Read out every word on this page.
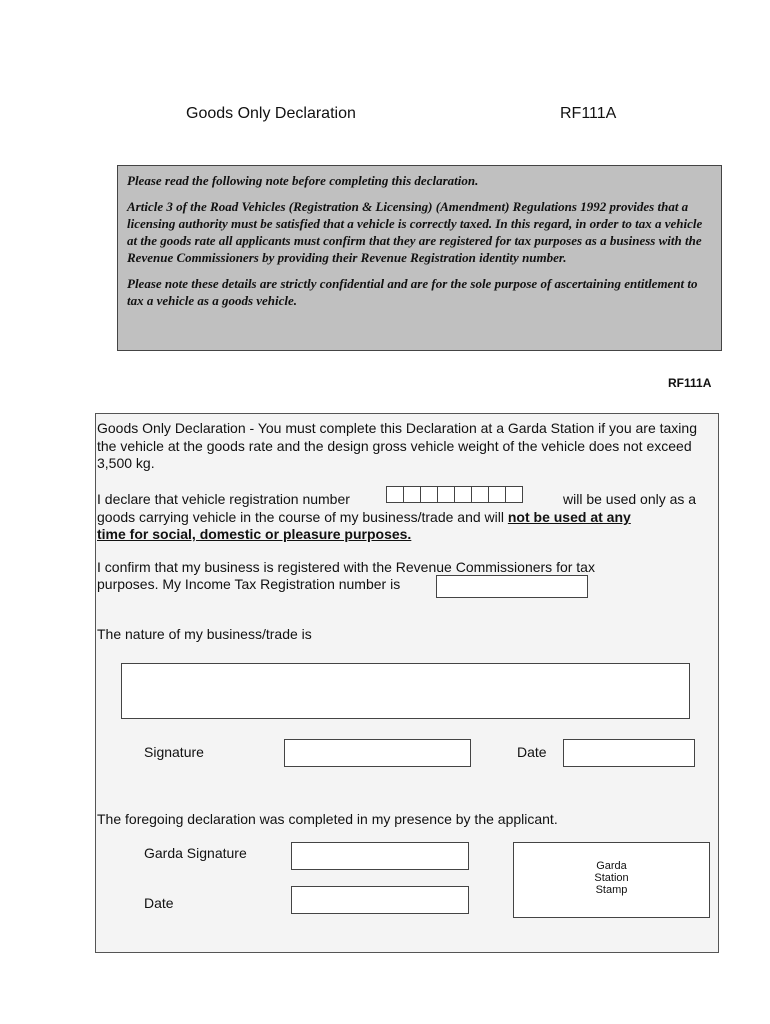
Goods Only Declaration	RF111A

Please read the following note before completing this declaration.

Article 3 of the Road Vehicles (Registration & Licensing) (Amendment) Regulations 1992 provides that a licensing authority must be satisfied that a vehicle is correctly taxed. In this regard, in order to tax a vehicle at the goods rate all applicants must confirm that they are registered for tax purposes as a business with the Revenue Commissioners by providing their Revenue Registration identity number.

Please note these details are strictly confidential and are for the sole purpose of ascertaining entitlement to tax a vehicle as a goods vehicle.

RF111A
Goods Only Declaration - You must complete this Declaration at a Garda Station if you are taxing the vehicle at the goods rate and the design gross vehicle weight of the vehicle does not exceed 3,500 kg.
I declare that vehicle registration number	will be used only as a
goods carrying vehicle in the course of my business/trade and will not be used at any
time for social, domestic or pleasure purposes.
I confirm that my business is registered with the Revenue Commissioners for tax
purposes. My Income Tax Registration number is
The nature of my business/trade is
Signature	Date
The foregoing declaration was completed in my presence by the applicant.
Garda Signature
Date
Garda
Station
Stamp
